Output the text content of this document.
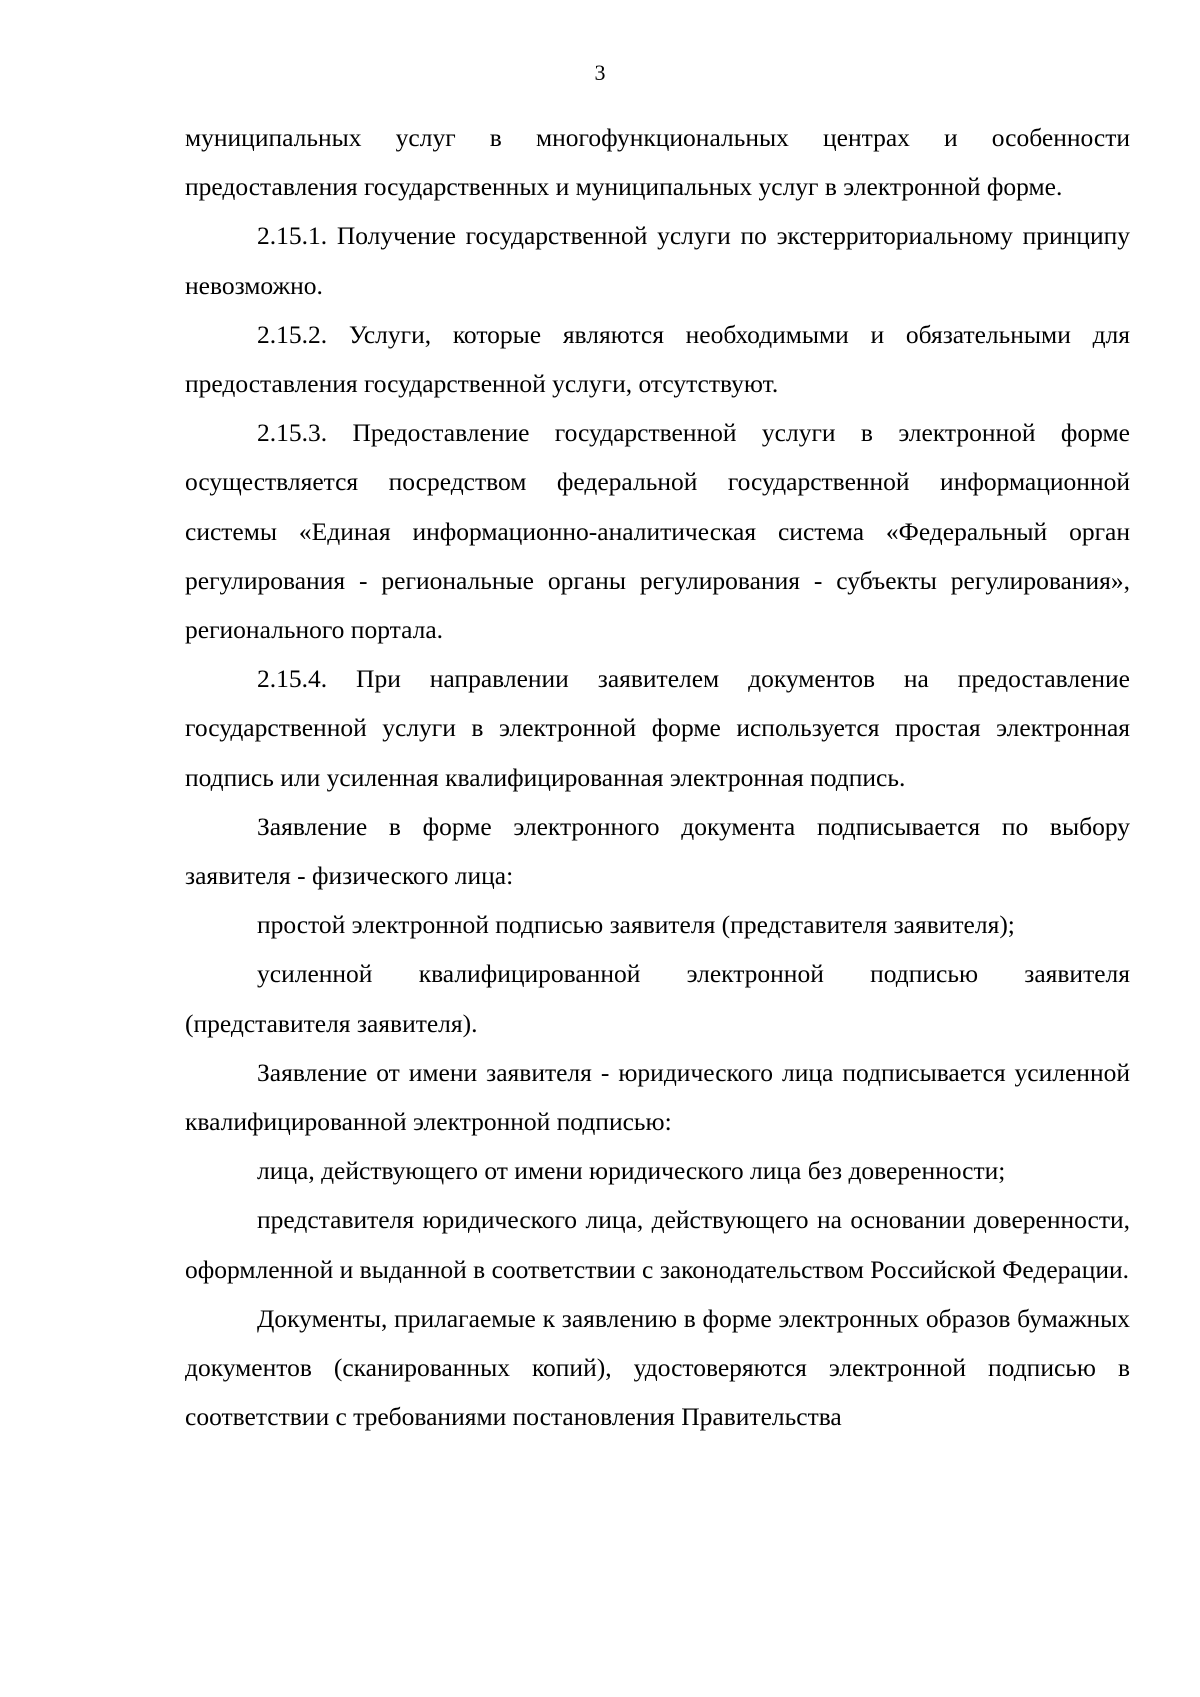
3

муниципальных услуг в многофункциональных центрах и особенности предоставления государственных и муниципальных услуг в электронной форме.

2.15.1. Получение государственной услуги по экстерриториальному принципу невозможно.

2.15.2. Услуги, которые являются необходимыми и обязательными для предоставления государственной услуги, отсутствуют.

2.15.3. Предоставление государственной услуги в электронной форме осуществляется посредством федеральной государственной информационной системы «Единая информационно-аналитическая система «Федеральный орган регулирования - региональные органы регулирования - субъекты регулирования», регионального портала.

2.15.4. При направлении заявителем документов на предоставление государственной услуги в электронной форме используется простая электронная подпись или усиленная квалифицированная электронная подпись.

Заявление в форме электронного документа подписывается по выбору заявителя - физического лица:

простой электронной подписью заявителя (представителя заявителя);

усиленной квалифицированной электронной подписью заявителя (представителя заявителя).

Заявление от имени заявителя - юридического лица подписывается усиленной квалифицированной электронной подписью:

лица, действующего от имени юридического лица без доверенности;

представителя юридического лица, действующего на основании доверенности, оформленной и выданной в соответствии с законодательством Российской Федерации.

Документы, прилагаемые к заявлению в форме электронных образов бумажных документов (сканированных копий), удостоверяются электронной подписью в соответствии с требованиями постановления Правительства
